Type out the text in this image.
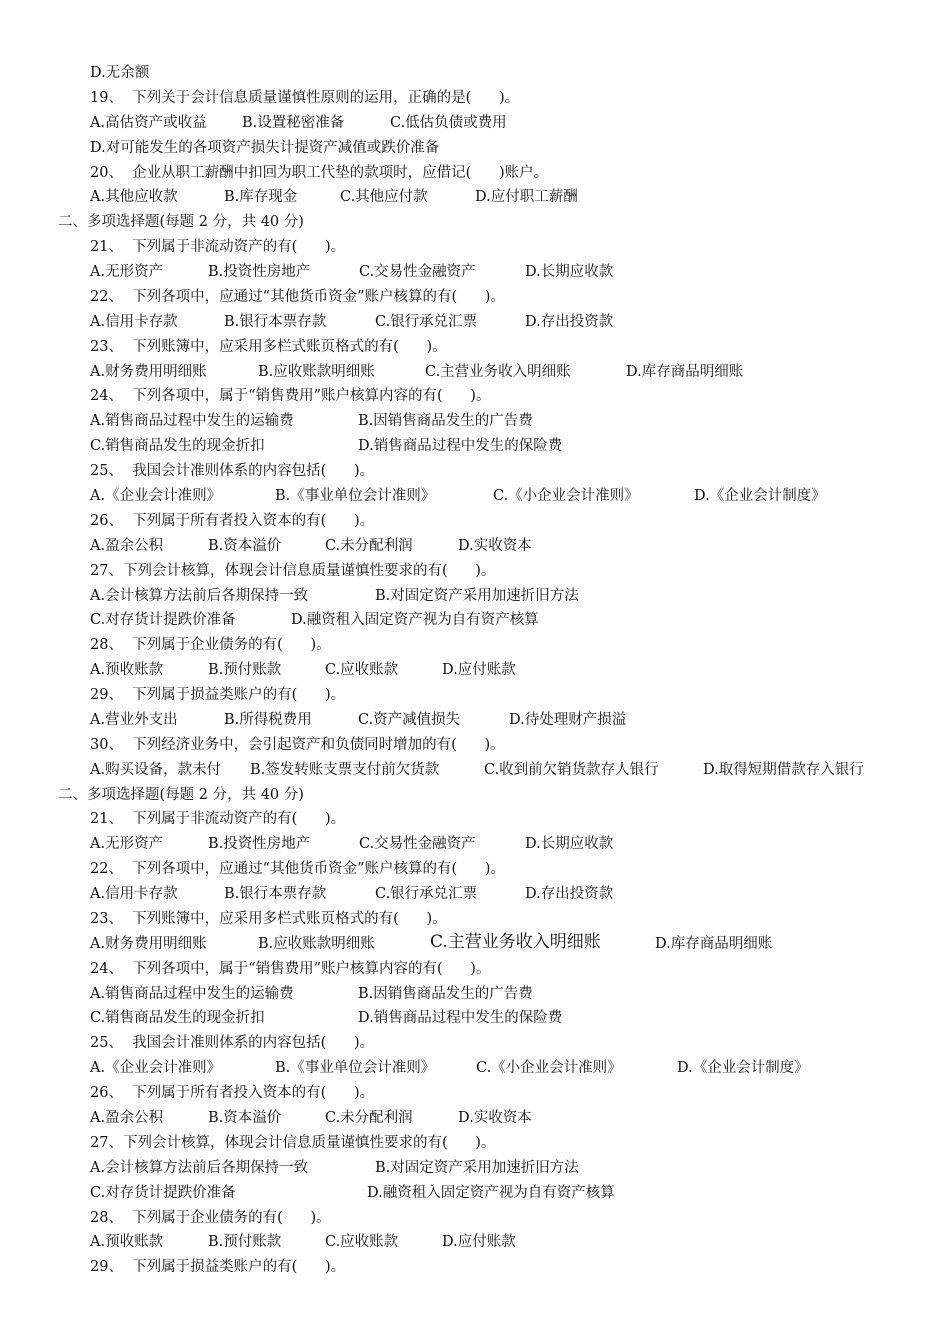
D.无余额
19、  下列关于会计信息质量谨慎性原则的运用，正确的是(      )。
A.高估资产或收益 B.设置秘密准备	C.低估负债或费用
D.对可能发生的各项资产损失计提资产减值或跌价准备
20、  企业从职工薪酬中扣回为职工代垫的款项时，应借记(      )账户。
A.其他应收款	B.库存现金	C.其他应付款	D.应付职工薪酬
二、多项选择题(每题 2 分，共 40 分)
21、  下列属于非流动资产的有(      )。
A.无形资产	B.投资性房地产	C.交易性金融资产	D.长期应收款
22、  下列各项中，应通过“其他货币资金”账户核算的有(      )。
A.信用卡存款	B.银行本票存款	C.银行承兑汇票	D.存出投资款
23、  下列账簿中，应采用多栏式账页格式的有(      )。
A.财务费用明细账	B.应收账款明细账	C.主营业务收入明细账	D.库存商品明细账
24、  下列各项中，属于“销售费用”账户核算内容的有(      )。
A.销售商品过程中发生的运输费	B.因销售商品发生的广告费
C.销售商品发生的现金折扣	D.销售商品过程中发生的保险费
25、  我国会计准则体系的内容包括(      )。
A.《企业会计准则》	B.《事业单位会计准则》	C.《小企业会计准则》	D.《企业会计制度》
26、  下列属于所有者投入资本的有(      )。
A.盈余公积	B.资本溢价	C.未分配利润	D.实收资本
27、下列会计核算，体现会计信息质量谨慎性要求的有(      )。
A.会计核算方法前后各期保持一致	B.对固定资产采用加速折旧方法
C.对存货计提跌价准备	D.融资租入固定资产视为自有资产核算
28、  下列属于企业债务的有(      )。
A.预收账款	B.预付账款	C.应收账款	D.应付账款
29、  下列属于损益类账户的有(      )。
A.营业外支出	B.所得税费用	C.资产减值损失	D.待处理财产损溢
30、  下列经济业务中，会引起资产和负债同时增加的有(      )。
A.购买设备，款未付 B.签发转账支票支付前欠货款	C.收到前欠销货款存人银行	D.取得短期借款存入银行
二、多项选择题(每题 2 分，共 40 分)
21、  下列属于非流动资产的有(      )。
A.无形资产	B.投资性房地产	C.交易性金融资产	D.长期应收款
22、  下列各项中，应通过“其他货币资金”账户核算的有(      )。
A.信用卡存款	B.银行本票存款	C.银行承兑汇票	D.存出投资款
23、  下列账簿中，应采用多栏式账页格式的有(      )。
A.财务费用明细账	B.应收账款明细账	C.主营业务收入明细账	D.库存商品明细账
24、  下列各项中，属于“销售费用”账户核算内容的有(      )。
A.销售商品过程中发生的运输费	B.因销售商品发生的广告费
C.销售商品发生的现金折扣	D.销售商品过程中发生的保险费
25、  我国会计准则体系的内容包括(      )。
A.《企业会计准则》	B.《事业单位会计准则》	C.《小企业会计准则》	D.《企业会计制度》
26、  下列属于所有者投入资本的有(      )。
A.盈余公积	B.资本溢价	C.未分配利润	D.实收资本
27、下列会计核算，体现会计信息质量谨慎性要求的有(      )。
A.会计核算方法前后各期保持一致	B.对固定资产采用加速折旧方法
C.对存货计提跌价准备	D.融资租入固定资产视为自有资产核算
28、  下列属于企业债务的有(      )。
A.预收账款	B.预付账款	C.应收账款	D.应付账款
29、  下列属于损益类账户的有(      )。
